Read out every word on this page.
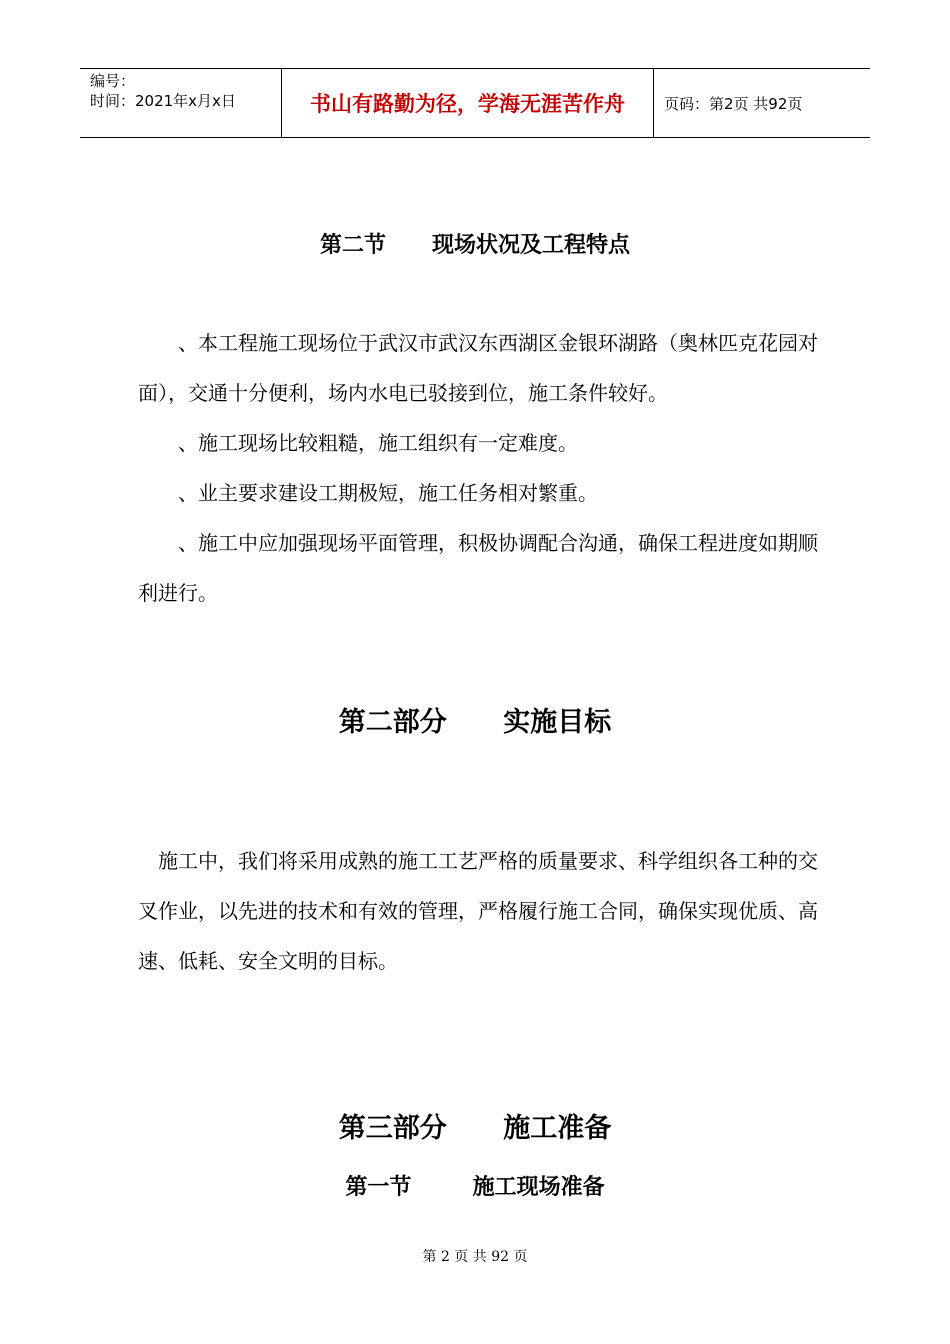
编号：
时间：2021年x月x日	书山有路勤为径，学海无涯苦作舟	页码：第2页 共92页
第二节      现场状况及工程特点

、本工程施工现场位于武汉市武汉东西湖区金银环湖路（奥林匹克花园对面），交通十分便利，场内水电已驳接到位，施工条件较好。

、施工现场比较粗糙，施工组织有一定难度。

、业主要求建设工期极短，施工任务相对繁重。

、施工中应加强现场平面管理，积极协调配合沟通，确保工程进度如期顺利进行。

第二部分      实施目标

施工中，我们将采用成熟的施工工艺严格的质量要求、科学组织各工种的交叉作业，以先进的技术和有效的管理，严格履行施工合同，确保实现优质、高速、低耗、安全文明的目标。

第三部分      施工准备
第一节        施工现场准备
第 2 页 共 92 页
